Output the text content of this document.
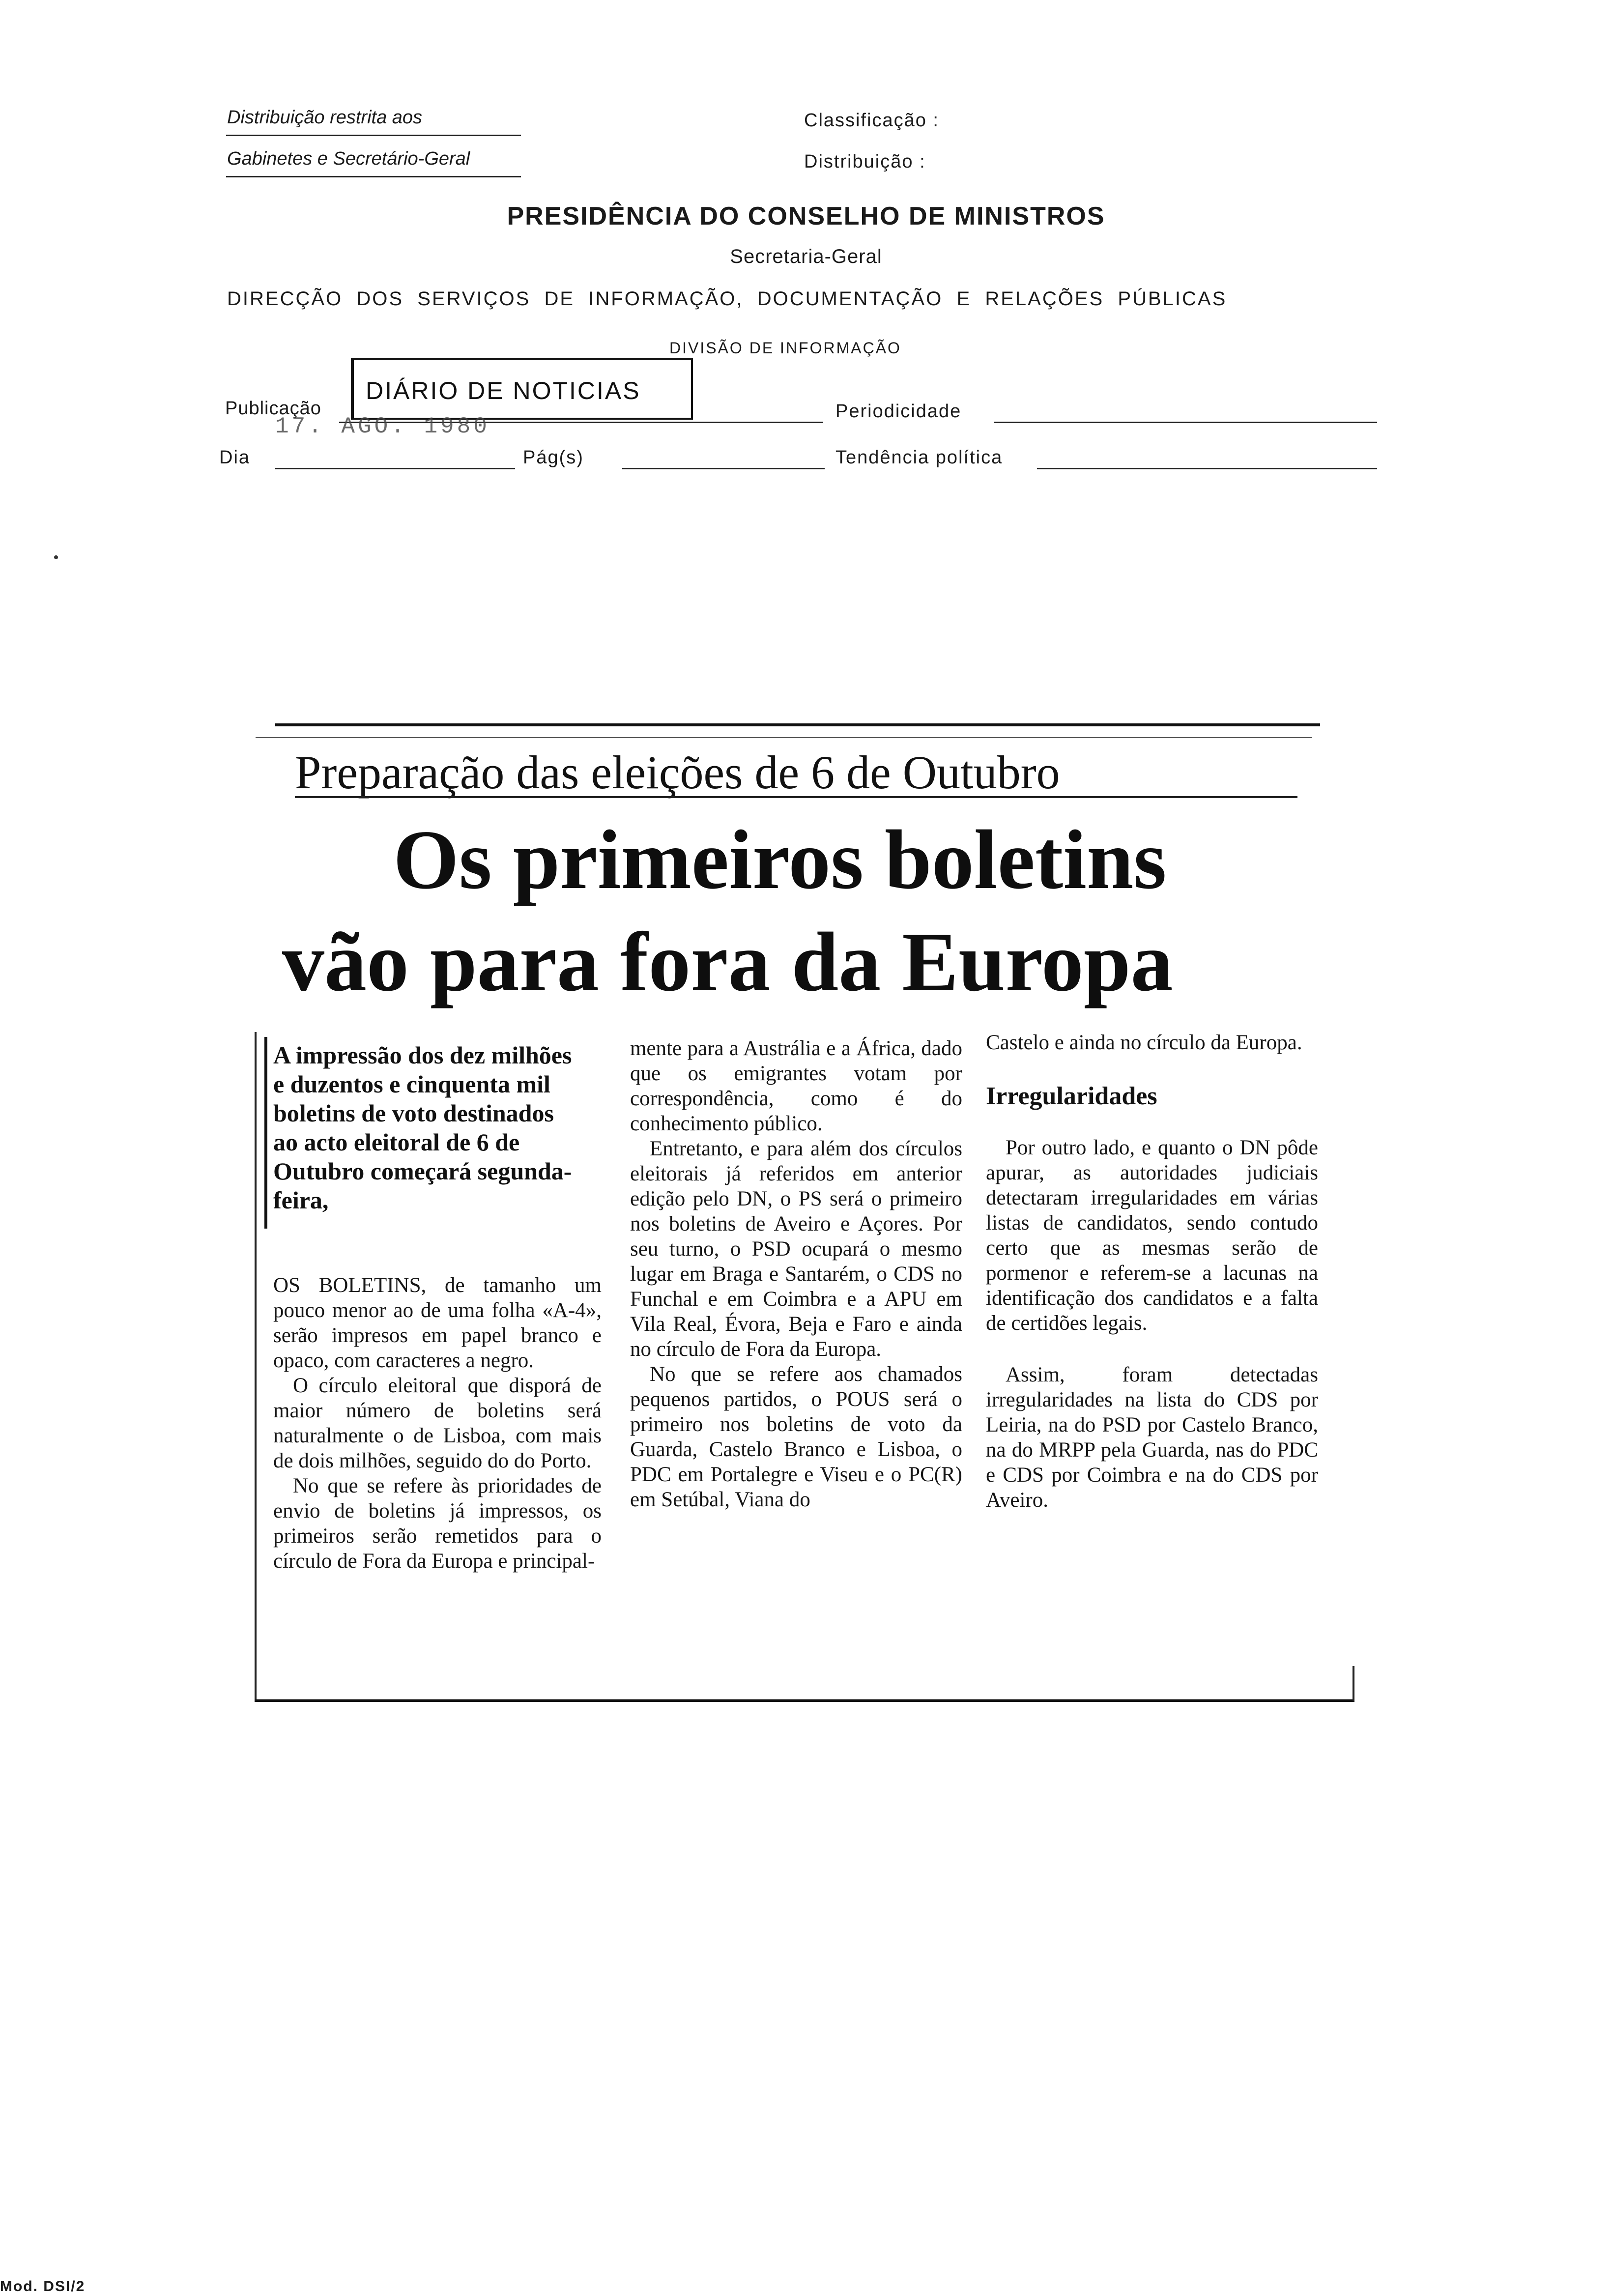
Distribuição restrita aos
Gabinetes e Secretário-Geral
Classificação :
Distribuição :
PRESIDÊNCIA DO CONSELHO DE MINISTROS
Secretaria-Geral
DIRECÇÃO  DOS  SERVIÇOS  DE  INFORMAÇÃO,  DOCUMENTAÇÃO  E  RELAÇÕES  PÚBLICAS
DIVISÃO DE INFORMAÇÃO
Publicação
DIÁRIO DE NOTICIAS
17. AGO. 1980
Periodicidade
Dia	Pág(s)	Tendência política
Preparação das eleições de 6 de Outubro
Os primeiros boletins
vão para fora da Europa
A impressão dos dez milhões e duzentos e cinquenta mil boletins de voto destinados ao acto eleitoral de 6 de Outubro começará segunda-feira,

OS BOLETINS, de tamanho um pouco menor ao de uma folha «A-4», serão impresos em papel branco e opaco, com caracteres a negro.

O círculo eleitoral que disporá de maior número de boletins será naturalmente o de Lisboa, com mais de dois milhões, seguido do do Porto.

No que se refere às prioridades de envio de boletins já impressos, os primeiros serão remetidos para o círculo de Fora da Europa e principal-

mente para a Austrália e a África, dado que os emigrantes votam por correspondência, como é do conhecimento público.

Entretanto, e para além dos círculos eleitorais já referidos em anterior edição pelo DN, o PS será o primeiro nos boletins de Aveiro e Açores. Por seu turno, o PSD ocupará o mesmo lugar em Braga e Santarém, o CDS no Funchal e em Coimbra e a APU em Vila Real, Évora, Beja e Faro e ainda no círculo de Fora da Europa.

No que se refere aos chamados pequenos partidos, o POUS será o primeiro nos boletins de voto da Guarda, Castelo Branco e Lisboa, o PDC em Portalegre e Viseu e o PC(R) em Setúbal, Viana do

Castelo e ainda no círculo da Europa.

Irregularidades

Por outro lado, e quanto o DN pôde apurar, as autoridades judiciais detectaram irregularidades em várias listas de candidatos, sendo contudo certo que as mesmas serão de pormenor e referem-se a lacunas na identificação dos candidatos e a falta de certidões legais.

Assim, foram detectadas irregularidades na lista do CDS por Leiria, na do PSD por Castelo Branco, na do MRPP pela Guarda, nas do PDC e CDS por Coimbra e na do CDS por Aveiro.

Mod. DSI/2
